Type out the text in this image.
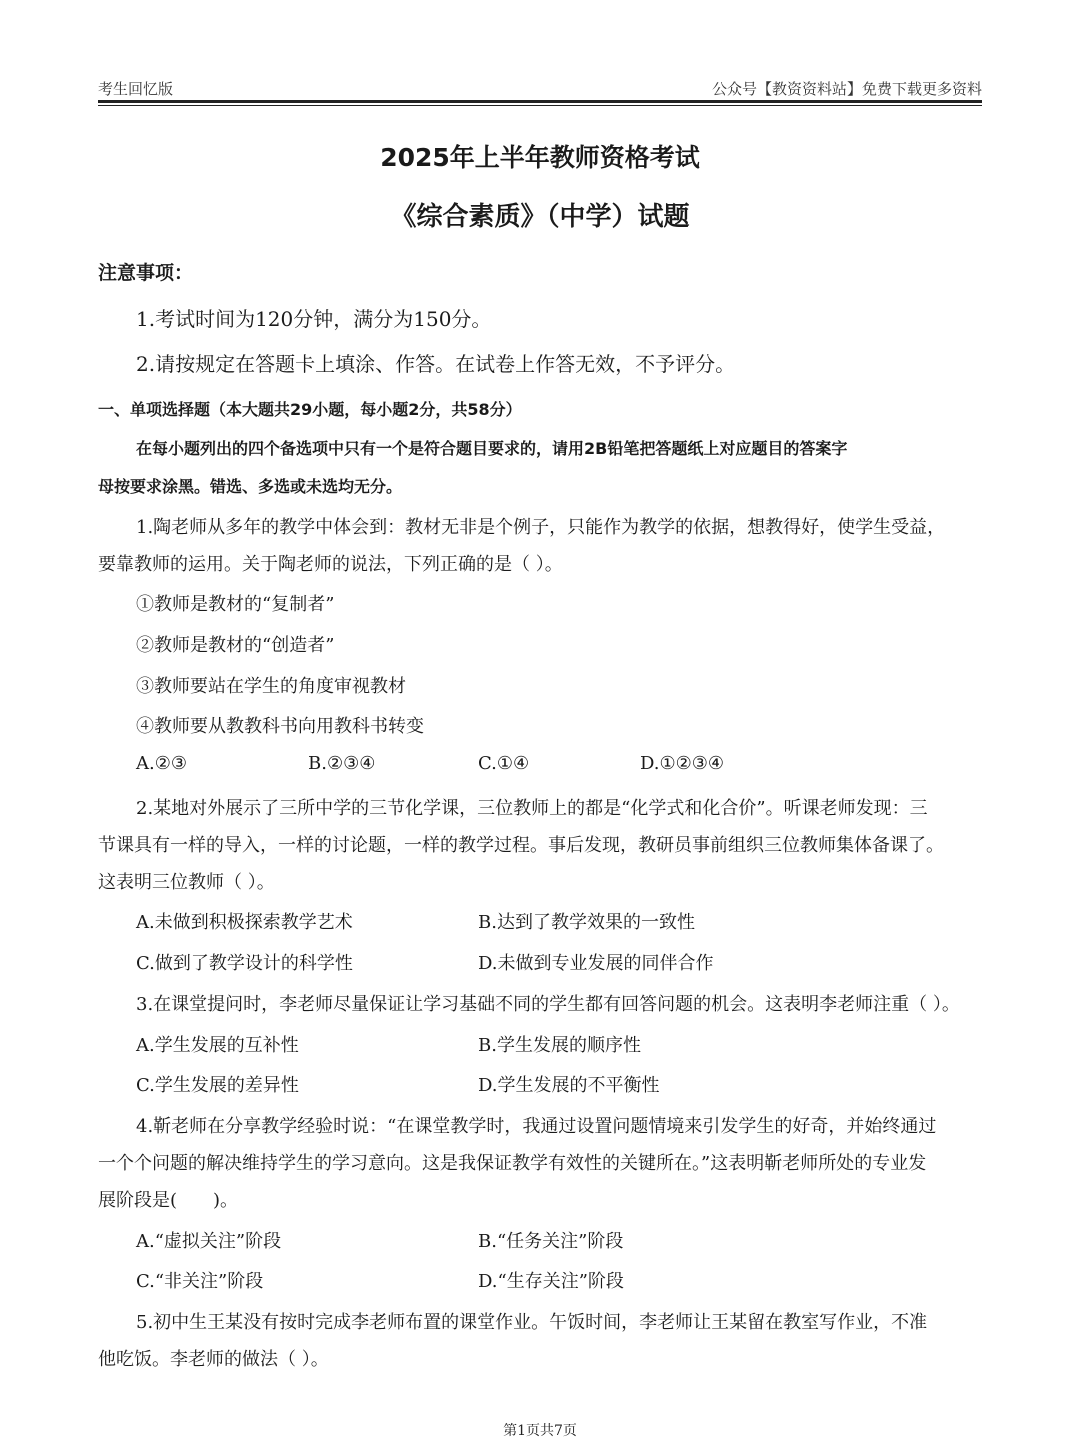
考生回忆版	公众号【教资资料站】免费下载更多资料
2025年上半年教师资格考试
《综合素质》（中学）试题
注意事项：
1.考试时间为120分钟，满分为150分。
2.请按规定在答题卡上填涂、作答。在试卷上作答无效，不予评分。
一、单项选择题（本大题共29小题，每小题2分，共58分）
在每小题列出的四个备选项中只有一个是符合题目要求的，请用2B铅笔把答题纸上对应题目的答案字
母按要求涂黑。错选、多选或未选均无分。
1.陶老师从多年的教学中体会到：教材无非是个例子，只能作为教学的依据，想教得好，使学生受益，
要靠教师的运用。关于陶老师的说法，下列正确的是（ ）。
①教师是教材的“复制者”
②教师是教材的“创造者”
③教师要站在学生的角度审视教材
④教师要从教教科书向用教科书转变
A.②③	B.②③④	C.①④	D.①②③④
2.某地对外展示了三所中学的三节化学课，三位教师上的都是“化学式和化合价”。听课老师发现：三
节课具有一样的导入，一样的讨论题，一样的教学过程。事后发现，教研员事前组织三位教师集体备课了。
这表明三位教师（ ）。
A.未做到积极探索教学艺术	B.达到了教学效果的一致性
C.做到了教学设计的科学性	D.未做到专业发展的同伴合作
3.在课堂提问时，李老师尽量保证让学习基础不同的学生都有回答问题的机会。这表明李老师注重（ ）。
A.学生发展的互补性	B.学生发展的顺序性
C.学生发展的差异性	D.学生发展的不平衡性
4.靳老师在分享教学经验时说：“在课堂教学时，我通过设置问题情境来引发学生的好奇，并始终通过
一个个问题的解决维持学生的学习意向。这是我保证教学有效性的关键所在。”这表明靳老师所处的专业发
展阶段是(　　)。
A.“虚拟关注”阶段	B.“任务关注”阶段
C.“非关注”阶段	D.“生存关注”阶段
5.初中生王某没有按时完成李老师布置的课堂作业。午饭时间，李老师让王某留在教室写作业，不准
他吃饭。李老师的做法（ ）。
第1页共7页
